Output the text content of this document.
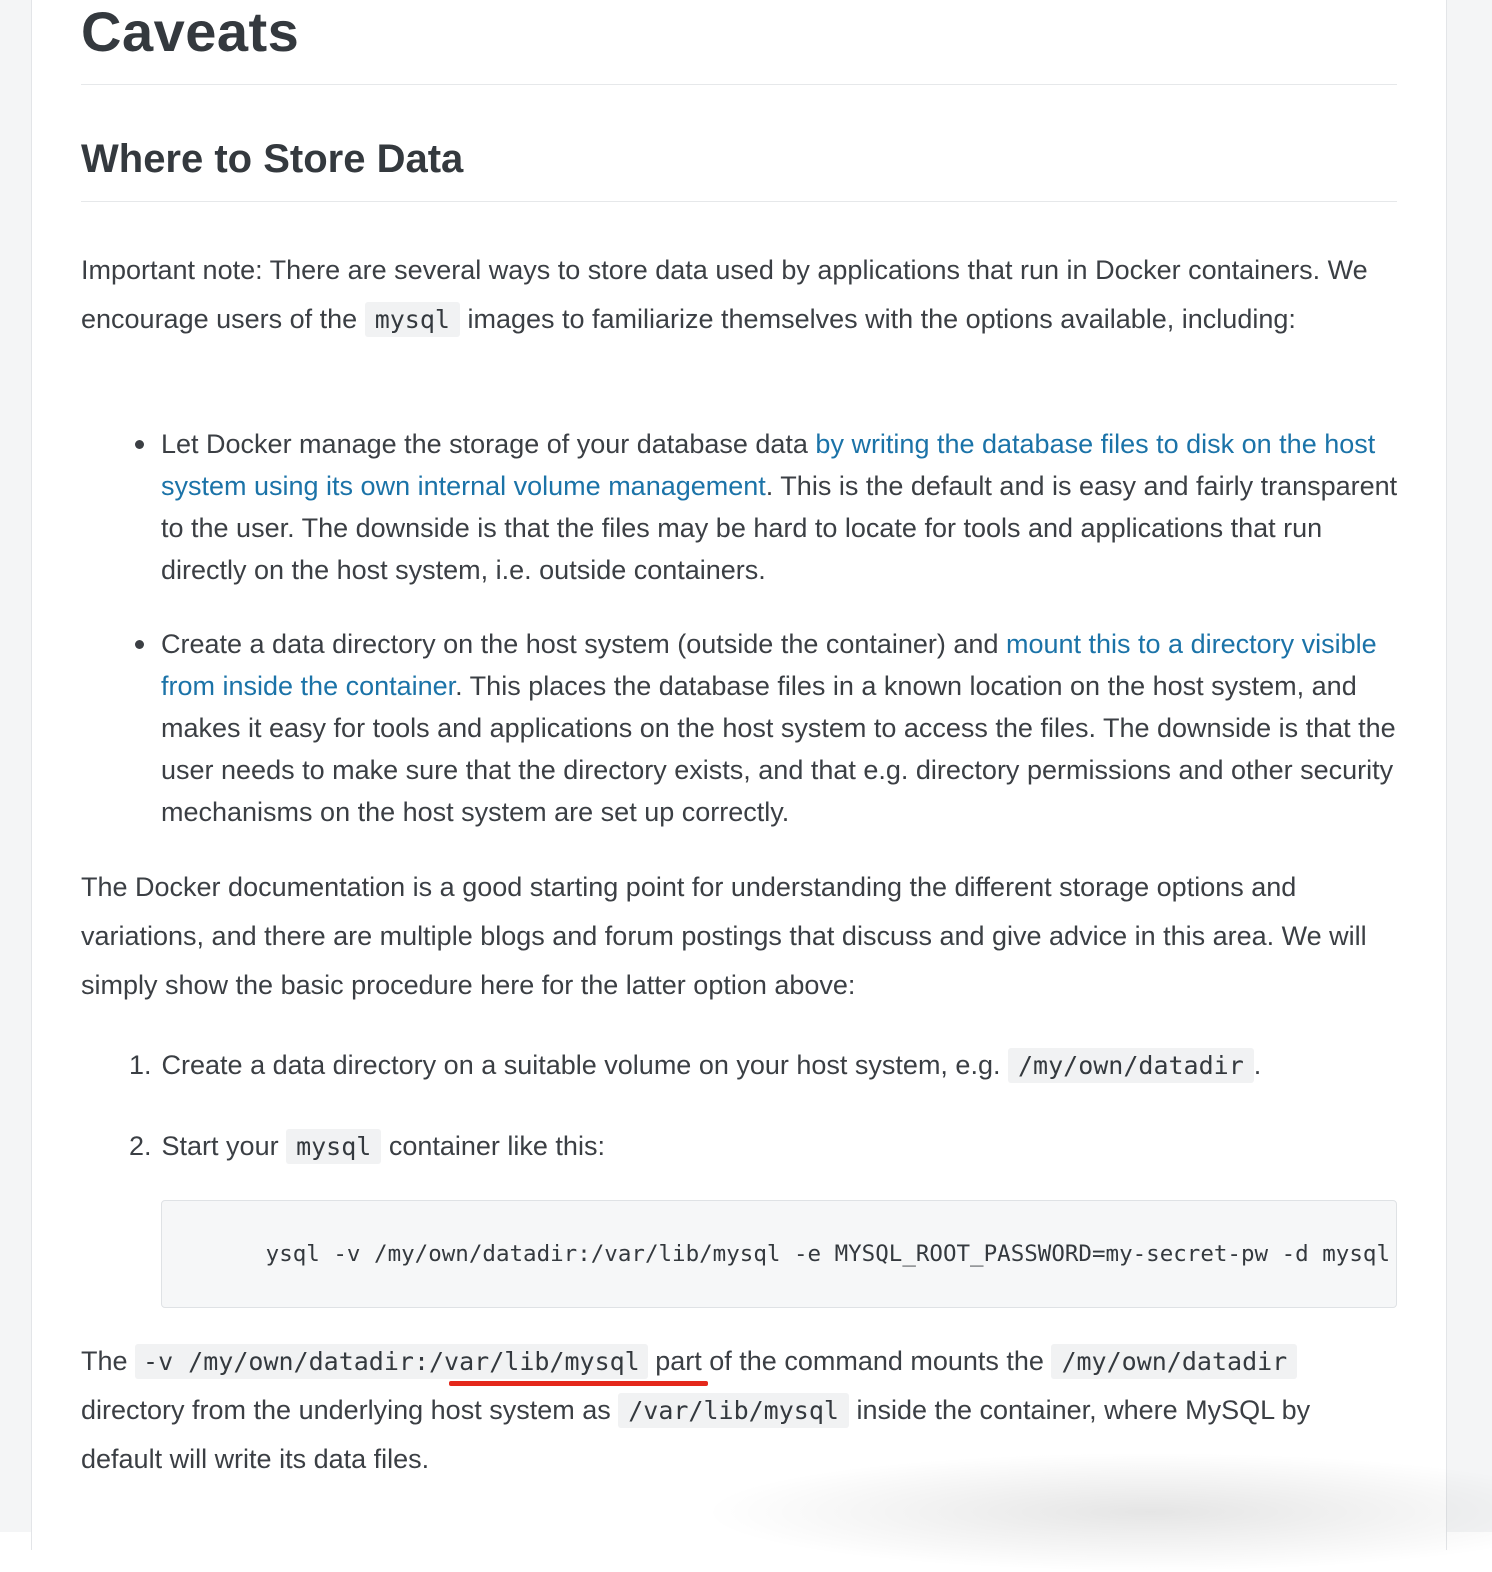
Caveats
Where to Store Data

Important note: There are several ways to store data used by applications that run in Docker containers. We encourage users of the mysql images to familiarize themselves with the options available, including:

Let Docker manage the storage of your database data by writing the database files to disk on the host system using its own internal volume management. This is the default and is easy and fairly transparent to the user. The downside is that the files may be hard to locate for tools and applications that run directly on the host system, i.e. outside containers.
Create a data directory on the host system (outside the container) and mount this to a directory visible from inside the container. This places the database files in a known location on the host system, and makes it easy for tools and applications on the host system to access the files. The downside is that the user needs to make sure that the directory exists, and that e.g. directory permissions and other security mechanisms on the host system are set up correctly.

The Docker documentation is a good starting point for understanding the different storage options and variations, and there are multiple blogs and forum postings that discuss and give advice in this area. We will simply show the basic procedure here for the latter option above:

1. Create a data directory on a suitable volume on your host system, e.g. /my/own/datadir .
2. Start your mysql container like this:
ysql -v /my/own/datadir:/var/lib/mysql -e MYSQL_ROOT_PASSWORD=my-secret-pw -d mysql

The -v /my/own/datadir:/var/lib/mysql part of the command mounts the /my/own/datadir directory from the underlying host system as /var/lib/mysql inside the container, where MySQL by default will write its data files.
